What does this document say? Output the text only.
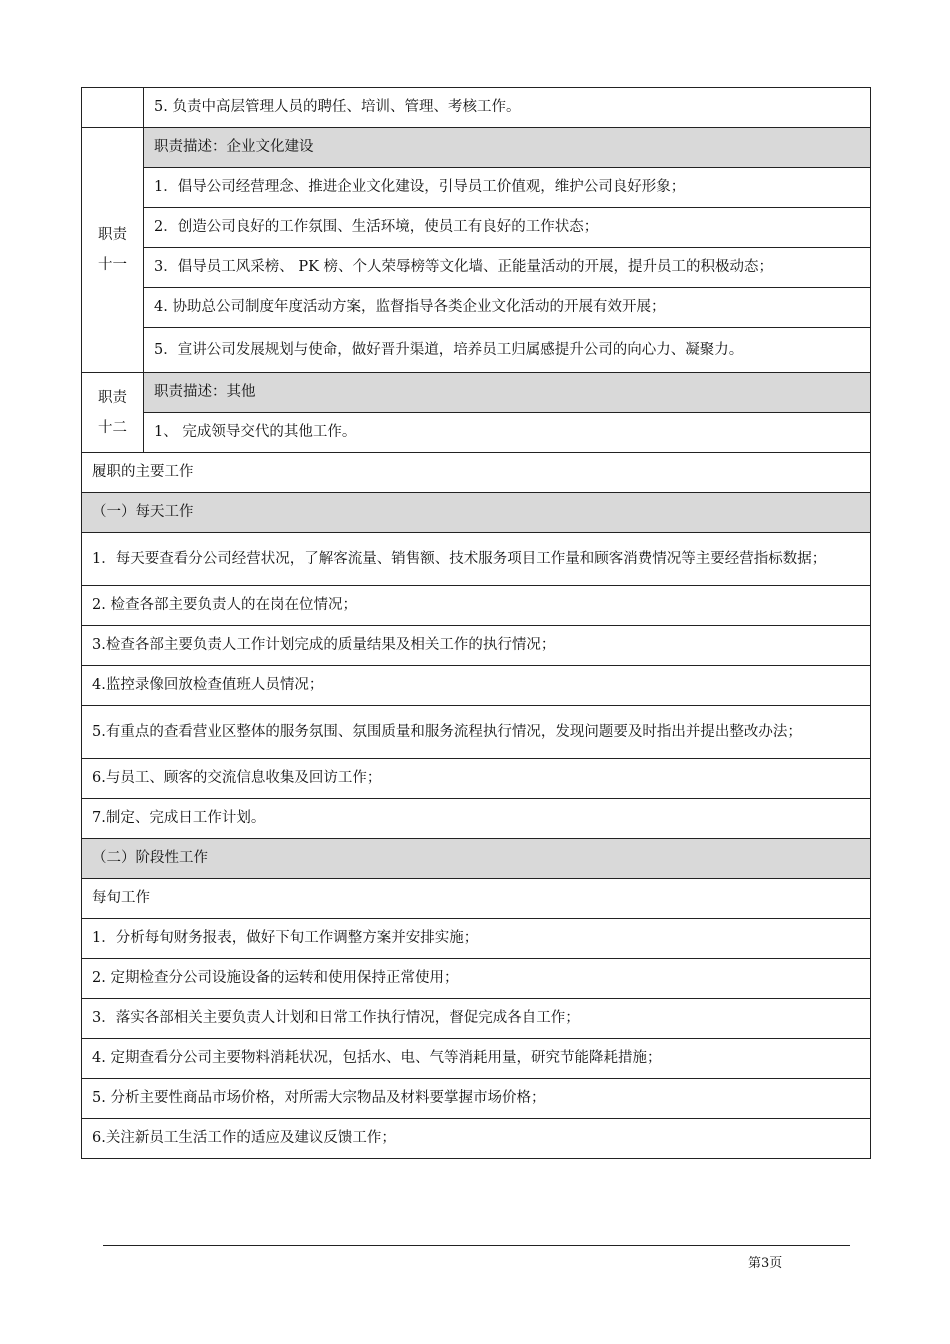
	5. 负责中高层管理人员的聘任、培训、管理、考核工作。

职责
十一	职责描述：企业文化建设
	1．倡导公司经营理念、推进企业文化建设，引导员工价值观，维护公司良好形象；
	2．创造公司良好的工作氛围、生活环境，使员工有良好的工作状态；
	3．倡导员工风采榜、 PK 榜、个人荣辱榜等文化墙、正能量活动的开展，提升员工的积极动态；
	4. 协助总公司制度年度活动方案，监督指导各类企业文化活动的开展有效开展；
	5．宣讲公司发展规划与使命，做好晋升渠道，培养员工归属感提升公司的向心力、凝聚力。

职责
十二	职责描述：其他
	1、 完成领导交代的其他工作。
履职的主要工作	
（一）每天工作	
1．每天要查看分公司经营状况，了解客流量、销售额、技术服务项目工作量和顾客消费情况等主要经营指标数据；	
2. 检查各部主要负责人的在岗在位情况；	
3.检查各部主要负责人工作计划完成的质量结果及相关工作的执行情况；	
4.监控录像回放检查值班人员情况；	
5.有重点的查看营业区整体的服务氛围、氛围质量和服务流程执行情况，发现问题要及时指出并提出整改办法；	
6.与员工、顾客的交流信息收集及回访工作；	
7.制定、完成日工作计划。	
（二）阶段性工作	
每旬工作	
1．分析每旬财务报表，做好下旬工作调整方案并安排实施；	
2. 定期检查分公司设施设备的运转和使用保持正常使用；	
3．落实各部相关主要负责人计划和日常工作执行情况，督促完成各自工作；	
4. 定期查看分公司主要物料消耗状况，包括水、电、气等消耗用量，研究节能降耗措施；	
5. 分析主要性商品市场价格，对所需大宗物品及材料要掌握市场价格；	
6.关注新员工生活工作的适应及建议反馈工作；	
第3页
